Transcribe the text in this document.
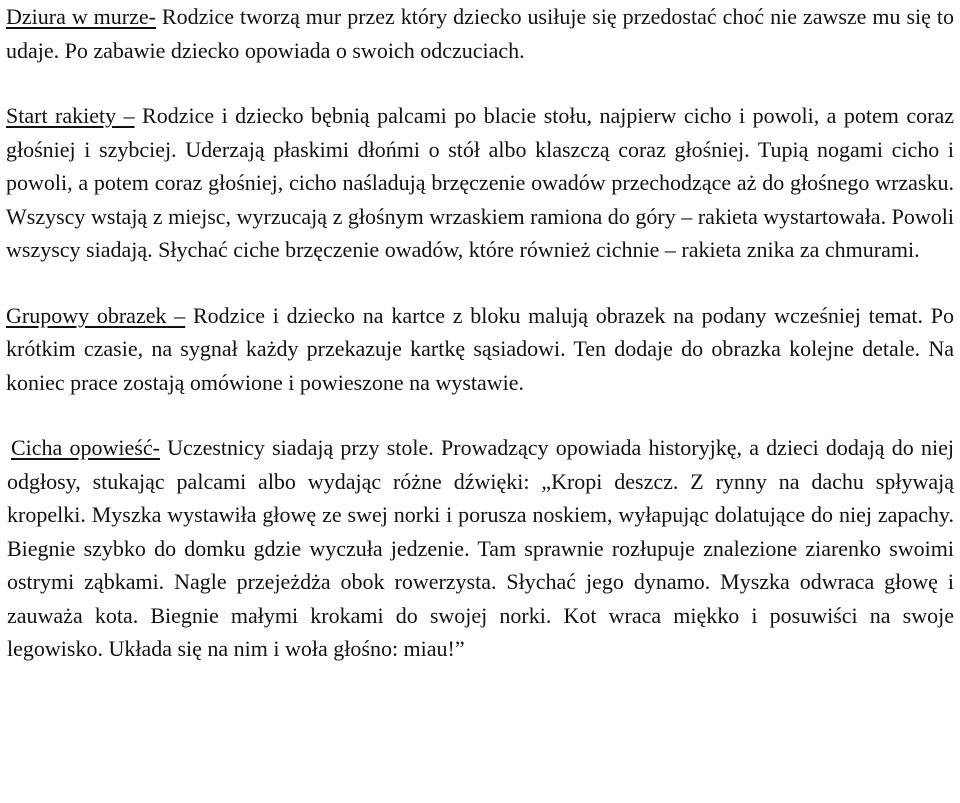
Dziura w murze- Rodzice tworzą mur przez który dziecko usiłuje się przedostać choć nie zawsze mu się to udaje. Po zabawie dziecko opowiada o swoich odczuciach.

Start rakiety – Rodzice i dziecko bębnią palcami po blacie stołu, najpierw cicho i powoli, a potem coraz głośniej i szybciej. Uderzają płaskimi dłońmi o stół albo klaszczą coraz głośniej. Tupią nogami cicho i powoli, a potem coraz głośniej, cicho naśladują brzęczenie owadów przechodzące aż do głośnego wrzasku. Wszyscy wstają z miejsc, wyrzucają z głośnym wrzaskiem ramiona do góry – rakieta wystartowała. Powoli wszyscy siadają. Słychać ciche brzęczenie owadów, które również cichnie – rakieta znika za chmurami.

Grupowy obrazek – Rodzice i dziecko na kartce z bloku malują obrazek na podany wcześniej temat. Po krótkim czasie, na sygnał każdy przekazuje kartkę sąsiadowi. Ten dodaje do obrazka kolejne detale. Na koniec prace zostają omówione i powieszone na wystawie.

Cicha opowieść- Uczestnicy siadają przy stole. Prowadzący opowiada historyjkę, a dzieci dodają do niej odgłosy, stukając palcami albo wydając różne dźwięki: „Kropi deszcz. Z rynny na dachu spływają kropelki. Myszka wystawiła głowę ze swej norki i porusza noskiem, wyłapując dolatujące do niej zapachy. Biegnie szybko do domku gdzie wyczuła jedzenie. Tam sprawnie rozłupuje znalezione ziarenko swoimi ostrymi ząbkami. Nagle przejeżdża obok rowerzysta. Słychać jego dynamo. Myszka odwraca głowę i zauważa kota. Biegnie małymi krokami do swojej norki. Kot wraca miękko i posuwiści na swoje legowisko. Układa się na nim i woła głośno: miau!”
